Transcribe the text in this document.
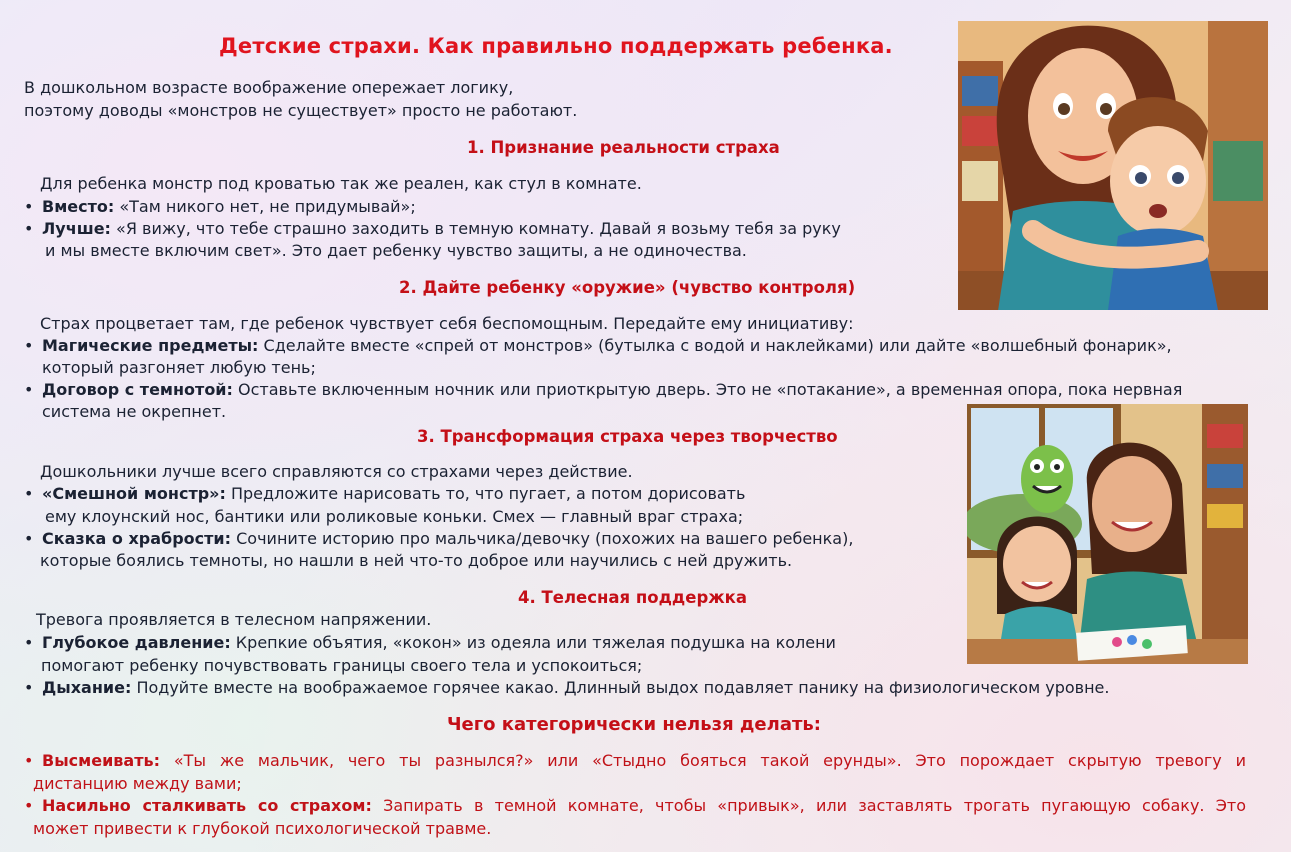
Детские страхи. Как правильно поддержать ребенка.
В дошкольном возрасте воображение опережает логику,
поэтому доводы «монстров не существует» просто не работают.
1. Признание реальности страха
Для ребенка монстр под кроватью так же реален, как стул в комнате.
• Вместо: «Там никого нет, не придумывай»;
• Лучше: «Я вижу, что тебе страшно заходить в темную комнату. Давай я возьму тебя за руку
и мы вместе включим свет». Это дает ребенку чувство защиты, а не одиночества.
2. Дайте ребенку «оружие» (чувство контроля)
Страх процветает там, где ребенок чувствует себя беспомощным. Передайте ему инициативу:
• Магические предметы: Сделайте вместе «спрей от монстров» (бутылка с водой и наклейками) или дайте «волшебный фонарик»,
который разгоняет любую тень;
• Договор с темнотой: Оставьте включенным ночник или приоткрытую дверь. Это не «потакание», а временная опора, пока нервная
система не окрепнет.
3. Трансформация страха через творчество
Дошкольники лучше всего справляются со страхами через действие.
• «Смешной монстр»: Предложите нарисовать то, что пугает, а потом дорисовать
ему клоунский нос, бантики или роликовые коньки. Смех — главный враг страха;
• Сказка о храбрости: Сочините историю про мальчика/девочку (похожих на вашего ребенка),
которые боялись темноты, но нашли в ней что-то доброе или научились с ней дружить.
4. Телесная поддержка
Тревога проявляется в телесном напряжении.
• Глубокое давление: Крепкие объятия, «кокон» из одеяла или тяжелая подушка на колени
помогают ребенку почувствовать границы своего тела и успокоиться;
• Дыхание: Подуйте вместе на воображаемое горячее какао. Длинный выдох подавляет панику на физиологическом уровне.
Чего категорически нельзя делать:
• Высмеивать: «Ты же мальчик, чего ты разнылся?» или «Стыдно бояться такой ерунды». Это порождает скрытую тревогу и
дистанцию между вами;
• Насильно сталкивать со страхом: Запирать в темной комнате, чтобы «привык», или заставлять трогать пугающую собаку. Это
может привести к глубокой психологической травме.
